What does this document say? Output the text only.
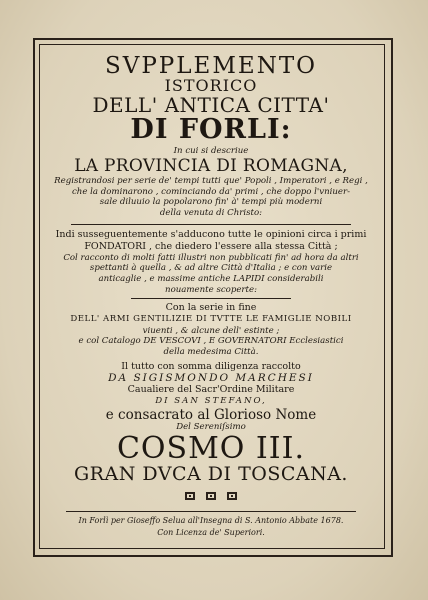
SVPPLEMENTO
ISTORICO
DELL' ANTICA CITTA'
DI FORLI:
In cui si descriue
LA PROVINCIA DI ROMAGNA,
Registrandosi per serie de' tempi tutti que' Popoli , Imperatori , e Regi ,
che la dominarono , cominciando da' primi , che doppo l'vniuer-
sale diluuio la popolarono fin' à' tempi più moderni
della venuta di Christo:
Indi susseguentemente s'adducono tutte le opinioni circa i primi
FONDATORI , che diedero l'essere alla stessa Città ;
Col racconto di molti fatti illustri non pubblicati fin' ad hora da altri
spettanti à quella , & ad altre Città d'Italia ; e con varie
anticaglie , e massime antiche LAPIDI considerabili
nouamente scoperte:
Con la serie in fine
DELL' ARMI GENTILIZIE DI TVTTE LE FAMIGLIE NOBILI
viuenti , & alcune dell' estinte ;
e col Catalogo DE VESCOVI , E GOVERNATORI Ecclesiastici
della medesima Città.
Il tutto con somma diligenza raccolto
DA SIGISMONDO MARCHESI
Caualiere del Sacr'Ordine Militare
DI SAN STEFANO,
e consacrato al Glorioso Nome
Del Sereniſsimo
COSMO III.
GRAN DVCA DI TOSCANA.
In Forlì per Gioseffo Selua all'Insegna di S. Antonio Abbate 1678.
Con Licenza de' Superiori.
